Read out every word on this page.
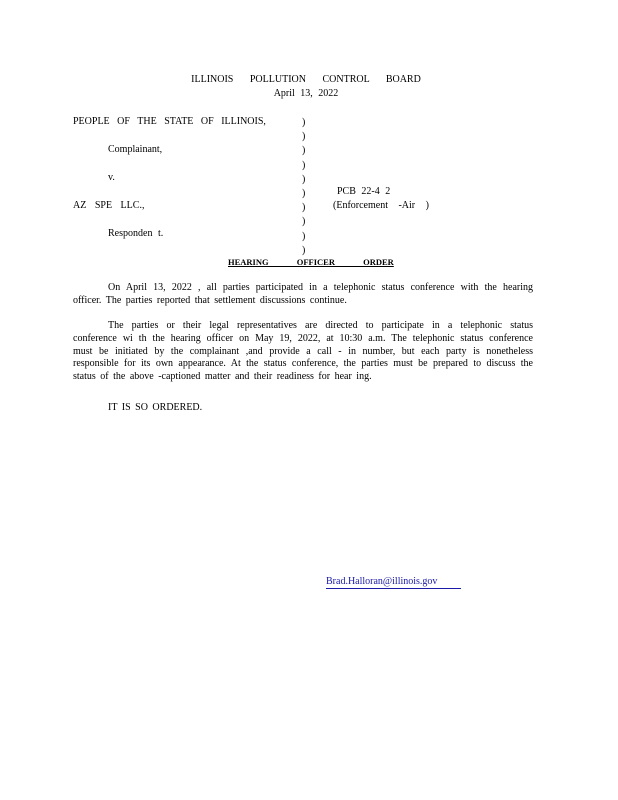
ILLINOIS POLLUTION CONTROL BOARD
April 13, 2022
PEOPLE OF THE STATE OF ILLINOIS,
Complainant,
v.
AZ SPE LLC.,
Responden t.
)
)
)
)
)
)
)
)
)
)
PCB 22-4 2
(Enforcement -Air )
HEARING OFFICER ORDER
On April 13, 2022 , all parties participated in a telephonic status conference with the hearing officer. The parties reported that settlement discussions continue.
The parties or their legal representatives are directed to participate in a telephonic status conference wi th the hearing officer on May 19, 2022, at 10:30 a.m. The telephonic status conference must be initiated by the complainant ,and provide a call - in number, but each party is nonetheless responsible for its own appearance. At the status conference, the parties must be prepared to discuss the status of the above -captioned matter and their readiness for hear ing.
IT IS SO ORDERED.
Brad.Halloran@illinois.gov
